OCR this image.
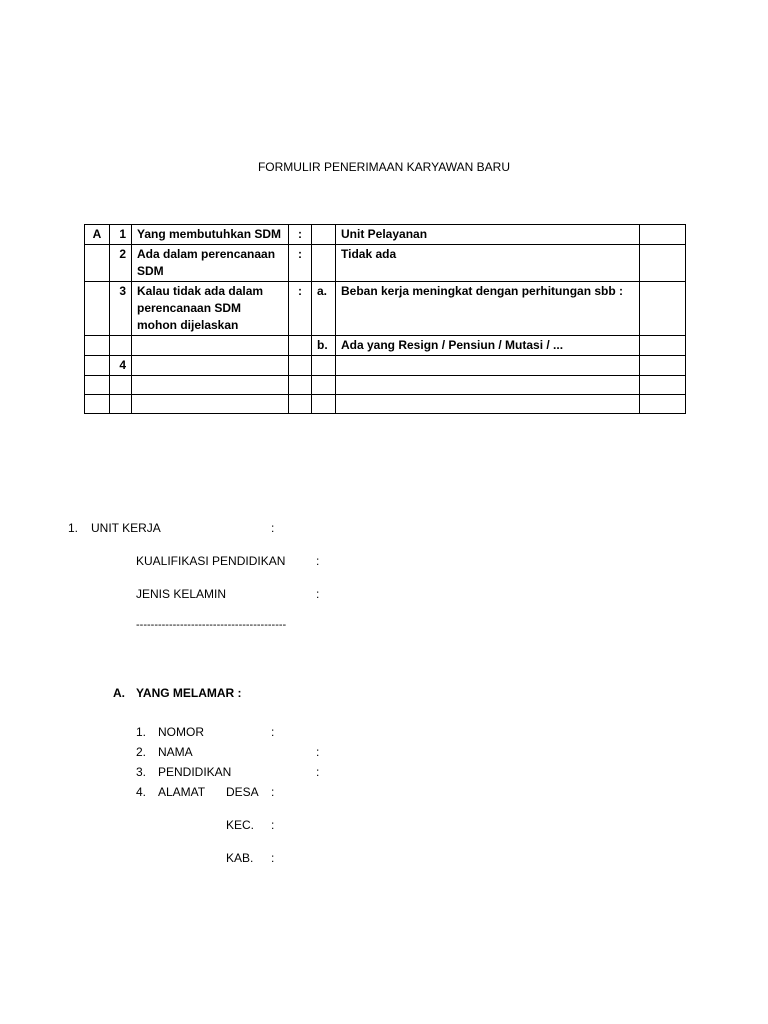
FORMULIR PENERIMAAN KARYAWAN BARU
A	1	Yang membutuhkan SDM	:		Unit Pelayanan	
	2	Ada dalam perencanaan SDM	:		Tidak ada	
	3	Kalau tidak ada dalam perencanaan SDM mohon dijelaskan	:	a.	Beban kerja meningkat dengan perhitungan sbb :	
				b.	Ada yang Resign / Pensiun / Mutasi / ...	
	4					

1. UNIT KERJA	:
KUALIFIKASI PENDIDIKAN	:
JENIS KELAMIN	:
-----------------------------------------
A. YANG MELAMAR :
1. NOMOR	:
2. NAMA	:
3. PENDIDIKAN	:
4. ALAMAT DESA :
KEC. :
KAB. :
